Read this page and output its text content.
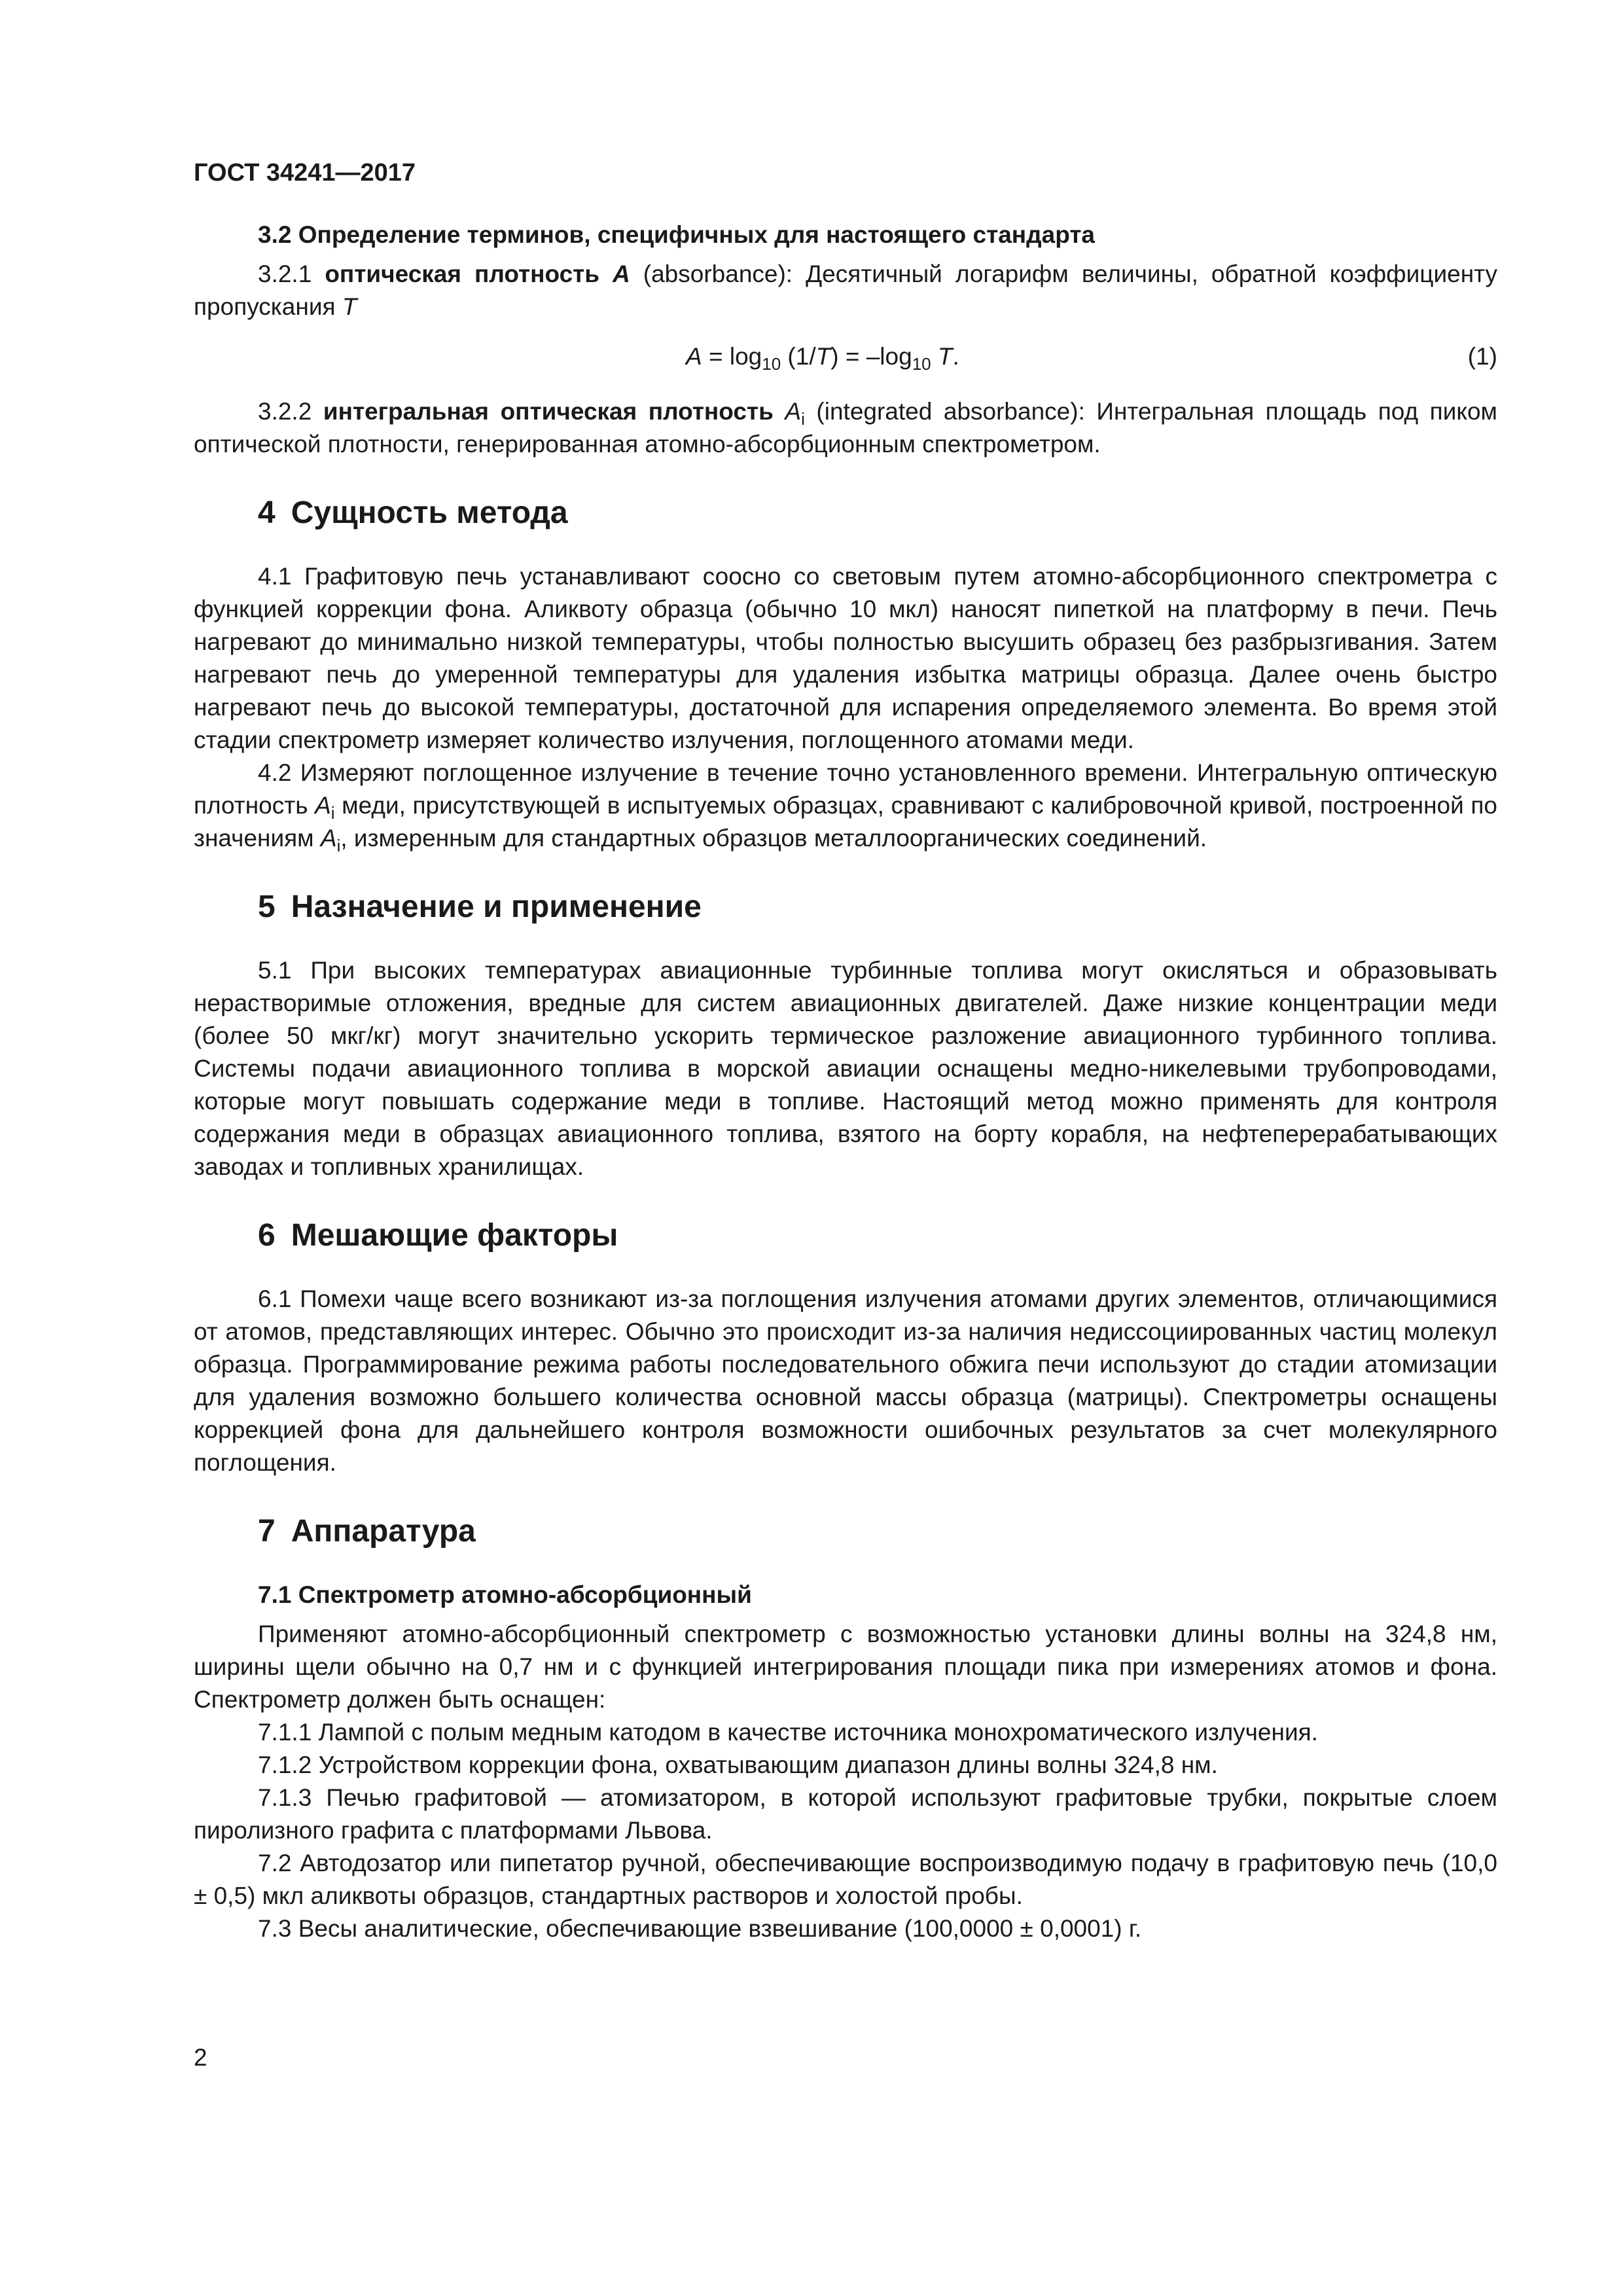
ГОСТ 34241—2017
3.2 Определение терминов, специфичных для настоящего стандарта

3.2.1 оптическая плотность А (absorbance): Десятичный логарифм величины, обратной коэффициенту пропускания Т

$А = \log_{10} (1/Т) = -\log_{10}$ Т.	(1)

3.2.2 интегральная оптическая плотность $А_i$ (integrated absorbance): Интегральная площадь под пиком оптической плотности, генерированная атомно-абсорбционным спектрометром.

4 Сущность метода

4.1 Графитовую печь устанавливают соосно со световым путем атомно-абсорбционного спектрометра с функцией коррекции фона. Аликвоту образца (обычно 10 мкл) наносят пипеткой на платформу в печи. Печь нагревают до минимально низкой температуры, чтобы полностью высушить образец без разбрызгивания. Затем нагревают печь до умеренной температуры для удаления избытка матрицы образца. Далее очень быстро нагревают печь до высокой температуры, достаточной для испарения определяемого элемента. Во время этой стадии спектрометр измеряет количество излучения, поглощенного атомами меди.

4.2 Измеряют поглощенное излучение в течение точно установленного времени. Интегральную оптическую плотность $А_i$ меди, присутствующей в испытуемых образцах, сравнивают с калибровочной кривой, построенной по значениям $А_i$, измеренным для стандартных образцов металлоорганических соединений.

5 Назначение и применение

5.1 При высоких температурах авиационные турбинные топлива могут окисляться и образовывать нерастворимые отложения, вредные для систем авиационных двигателей. Даже низкие концентрации меди (более 50 мкг/кг) могут значительно ускорить термическое разложение авиационного турбинного топлива. Системы подачи авиационного топлива в морской авиации оснащены медно-никелевыми трубопроводами, которые могут повышать содержание меди в топливе. Настоящий метод можно применять для контроля содержания меди в образцах авиационного топлива, взятого на борту корабля, на нефтеперерабатывающих заводах и топливных хранилищах.

6 Мешающие факторы

6.1 Помехи чаще всего возникают из-за поглощения излучения атомами других элементов, отличающимися от атомов, представляющих интерес. Обычно это происходит из-за наличия недиссоциированных частиц молекул образца. Программирование режима работы последовательного обжига печи используют до стадии атомизации для удаления возможно большего количества основной массы образца (матрицы). Спектрометры оснащены коррекцией фона для дальнейшего контроля возможности ошибочных результатов за счет молекулярного поглощения.

7 Аппаратура
7.1 Спектрометр атомно-абсорбционный

Применяют атомно-абсорбционный спектрометр с возможностью установки длины волны на 324,8 нм, ширины щели обычно на 0,7 нм и с функцией интегрирования площади пика при измерениях атомов и фона. Спектрометр должен быть оснащен:

7.1.1 Лампой с полым медным катодом в качестве источника монохроматического излучения.

7.1.2 Устройством коррекции фона, охватывающим диапазон длины волны 324,8 нм.

7.1.3 Печью графитовой — атомизатором, в которой используют графитовые трубки, покрытые слоем пиролизного графита с платформами Львова.

7.2 Автодозатор или пипетатор ручной, обеспечивающие воспроизводимую подачу в графитовую печь (10,0 ± 0,5) мкл аликвоты образцов, стандартных растворов и холостой пробы.

7.3 Весы аналитические, обеспечивающие взвешивание (100,0000 ± 0,0001) г.

2
